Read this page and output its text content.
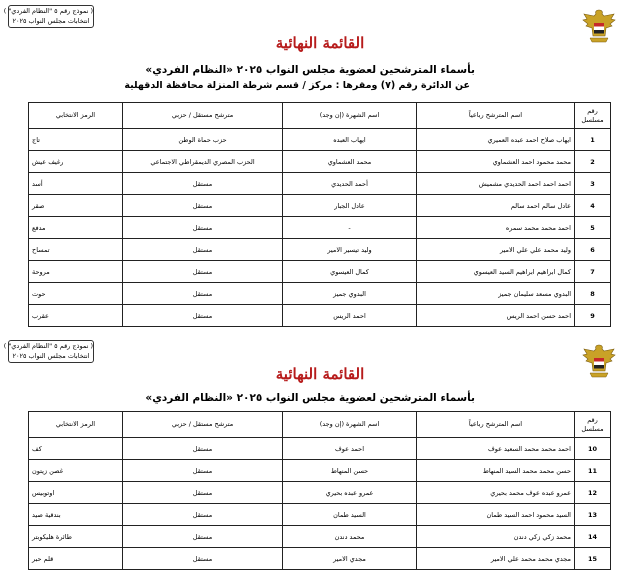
( نموذج رقم ٥ "النظام الفردي" )
انتخابات مجلس النواب ٢٠٢٥
القائمة النهائية
بأسماء المترشحين لعضوية مجلس النواب ٢٠٢٥ «النظام الفردي»
عن الدائرة رقم (٧) ومقرها : مركز / قسم شرطة المنزلة محافظة الدقهلية
رقم مسلسل	اسم المترشح رباعياً	اسم الشهرة (إن وجد)	مترشح مستقل / حزبي	الرمز الانتخابي
1	ايهاب صلاح احمد عبده العميري	ايهاب العبده	حزب حماة الوطن	تاج
2	محمد محمود احمد العشماوي	محمد العشماوي	الحزب المصري الديمقراطي الاجتماعي	رغيف عيش
3	احمد احمد احمد الحديدي مشميش	أحمد الحديدي	مستقل	أسد
4	عادل سالم احمد سالم	عادل الجبار	مستقل	صقر
5	احمد محمد محمد سمره	-	مستقل	مدفع
6	وليد محمد علي علي الامير	وليد تيسير الامير	مستقل	تمساح
7	كمال ابراهيم ابراهيم السيد العيسوي	كمال العيسوي	مستقل	مروحة
8	البدوي مسعد سليمان جميز	البدوي جميز	مستقل	حوت
9	احمد حسن احمد الريس	احمد الريس	مستقل	عقرب
( نموذج رقم ٥ "النظام الفردي" )
انتخابات مجلس النواب ٢٠٢٥
القائمة النهائية
بأسماء المترشحين لعضوية مجلس النواب ٢٠٢٥ «النظام الفردي»
رقم مسلسل	اسم المترشح رباعياً	اسم الشهرة (إن وجد)	مترشح مستقل / حزبي	الرمز الانتخابي
10	احمد محمد محمد السعيد عوف	احمد عوف	مستقل	كف
11	حسن محمد محمد السيد المنهاط	حسن المنهاط	مستقل	غصن زيتون
12	عمرو عبده عوف محمد بحيري	عمرو عبده بحيري	مستقل	اوتوبيس
13	السيد محمود احمد السيد طمان	السيد طمان	مستقل	بندقية صيد
14	محمد زكي زكي دندن	محمد دندن	مستقل	طائرة هليكوبتر
15	مجدي محمد محمد علي الامير	مجدي الامير	مستقل	قلم حبر
